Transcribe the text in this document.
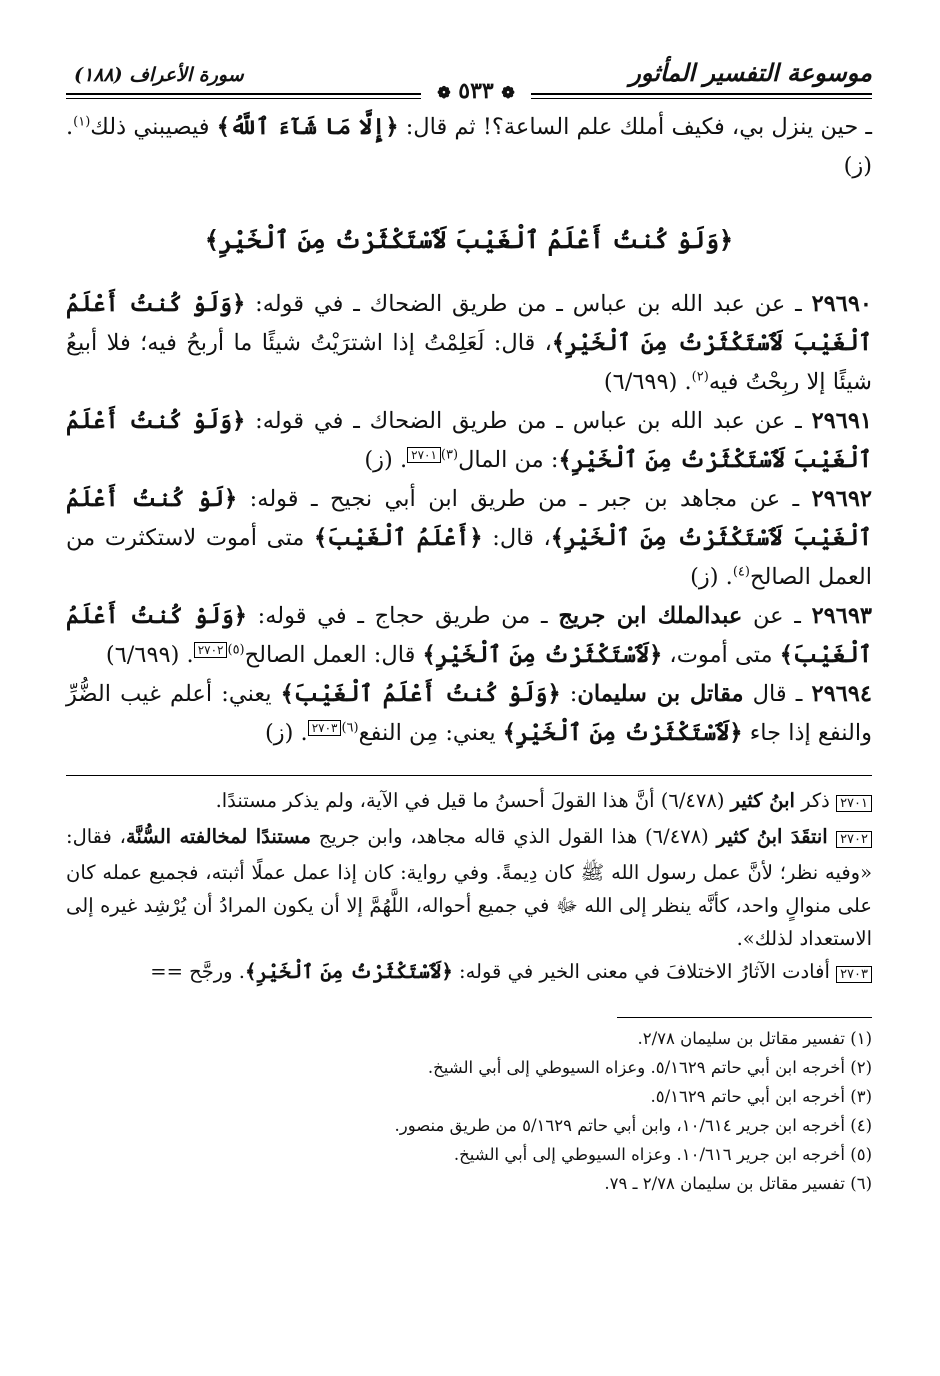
موسوعة التفسير المأثور
❁ ٥٣٣ ❁
سورة الأعراف (١٨٨)

ـ حين ينزل بي، فكيف أملك علم الساعة؟! ثم قال: ﴿إِلَّا مَا شَآءَ ٱللَّهُ﴾ فيصيبني ذلك$^{(١)}$. (ز)

﴿وَلَوْ كُنتُ أَعْلَمُ ٱلْغَيْبَ لَٱسْتَكْثَرْتُ مِنَ ٱلْخَيْرِ﴾

٢٩٦٩٠ ـ عن عبد الله بن عباس ـ من طريق الضحاك ـ في قوله: ﴿وَلَوْ كُنتُ أَعْلَمُ ٱلْغَيْبَ لَٱسْتَكْثَرْتُ مِنَ ٱلْخَيْرِ﴾، قال: لَعَلِمْتُ إذا اشترَيْتُ شيئًا ما أربحُ فيه؛ فلا أبيعُ شيئًا إلا ربِحْتُ فيه$^{(٢)}$. (٦/٦٩٩)

٢٩٦٩١ ـ عن عبد الله بن عباس ـ من طريق الضحاك ـ في قوله: ﴿وَلَوْ كُنتُ أَعْلَمُ ٱلْغَيْبَ لَٱسْتَكْثَرْتُ مِنَ ٱلْخَيْرِ﴾: من المال$^{(٣)٢٧٠١}$. (ز)

٢٩٦٩٢ ـ عن مجاهد بن جبر ـ من طريق ابن أبي نجيح ـ قوله: ﴿لَوْ كُنتُ أَعْلَمُ ٱلْغَيْبَ لَٱسْتَكْثَرْتُ مِنَ ٱلْخَيْرِ﴾، قال: ﴿أَعْلَمُ ٱلْغَيْبَ﴾ متى أموت لاستكثرت من العمل الصالح$^{(٤)}$. (ز)

٢٩٦٩٣ ـ عن عبدالملك ابن جريج ـ من طريق حجاج ـ في قوله: ﴿وَلَوْ كُنتُ أَعْلَمُ ٱلْغَيْبَ﴾ متى أموت، ﴿لَٱسْتَكْثَرْتُ مِنَ ٱلْخَيْرِ﴾ قال: العمل الصالح$^{(٥)٢٧٠٢}$. (٦/٦٩٩)

٢٩٦٩٤ ـ قال مقاتل بن سليمان: ﴿وَلَوْ كُنتُ أَعْلَمُ ٱلْغَيْبَ﴾ يعني: أعلم غيب الضُّرِّ والنفع إذا جاء ﴿لَٱسْتَكْثَرْتُ مِنَ ٱلْخَيْرِ﴾ يعني: مِن النفع$^{(٦)٢٧٠٣}$. (ز)

٢٧٠١ ذكر ابنُ كثير (٦/٤٧٨) أنَّ هذا القولَ أحسنُ ما قيل في الآية، ولم يذكر مستندًا.

٢٧٠٢ انتقَدَ ابنُ كثير (٦/٤٧٨) هذا القول الذي قاله مجاهد، وابن جريج مستندًا لمخالفته السُّنَّة، فقال: «وفيه نظر؛ لأنَّ عمل رسول الله ﷺ كان دِيمةً. وفي رواية: كان إذا عمل عملًا أثبته، فجميع عمله كان على منوالٍ واحد، كأنَّه ينظر إلى الله ﷻ في جميع أحواله، اللَّهُمَّ إلا أن يكون المرادُ أن يُرْشِد غيره إلى الاستعداد لذلك».

٢٧٠٣ أفادت الآثارُ الاختلافَ في معنى الخير في قوله: ﴿لَٱسْتَكْثَرْتُ مِنَ ٱلْخَيْرِ﴾. ورجَّح ==

(١) تفسير مقاتل بن سليمان ٢/٧٨.

(٢) أخرجه ابن أبي حاتم ٥/١٦٢٩. وعزاه السيوطي إلى أبي الشيخ.

(٣) أخرجه ابن أبي حاتم ٥/١٦٢٩.

(٤) أخرجه ابن جرير ١٠/٦١٤، وابن أبي حاتم ٥/١٦٢٩ من طريق منصور.

(٥) أخرجه ابن جرير ١٠/٦١٦. وعزاه السيوطي إلى أبي الشيخ.

(٦) تفسير مقاتل بن سليمان ٢/٧٨ ـ ٧٩.
